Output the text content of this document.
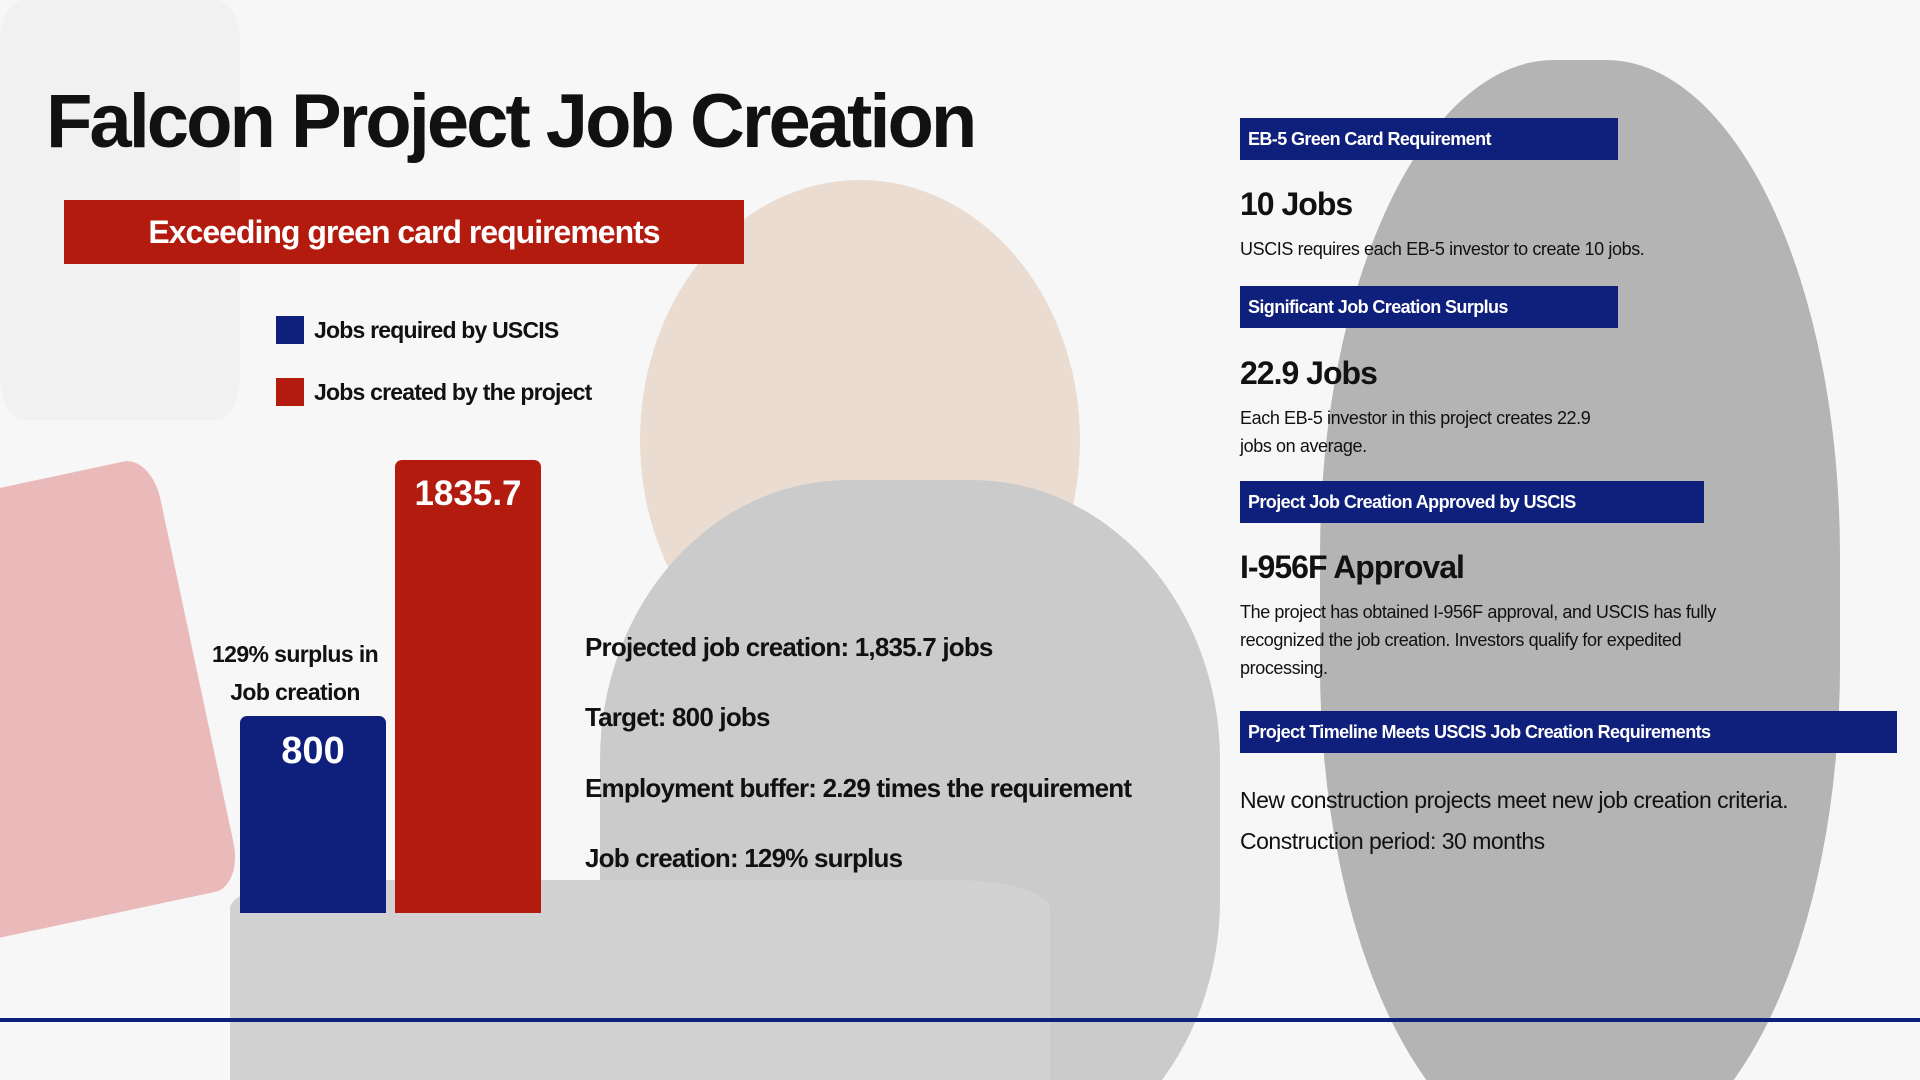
Falcon Project Job Creation
Exceeding green card requirements
Jobs required by USCIS
Jobs created by the project
129% surplus in
Job creation
800
1835.7
Projected job creation: 1,835.7 jobs
Target: 800 jobs
Employment buffer: 2.29 times the requirement
Job creation: 129% surplus
EB-5 Green Card Requirement
10 Jobs
USCIS requires each EB-5 investor to create 10 jobs.
Significant Job Creation Surplus
22.9 Jobs
Each EB-5 investor in this project creates 22.9 jobs on average.
Project Job Creation Approved by USCIS
I-956F Approval
The project has obtained I-956F approval, and USCIS has fully recognized the job creation. Investors qualify for expedited processing.
Project Timeline Meets USCIS Job Creation Requirements
New construction projects meet new job creation criteria.
Construction period: 30 months
